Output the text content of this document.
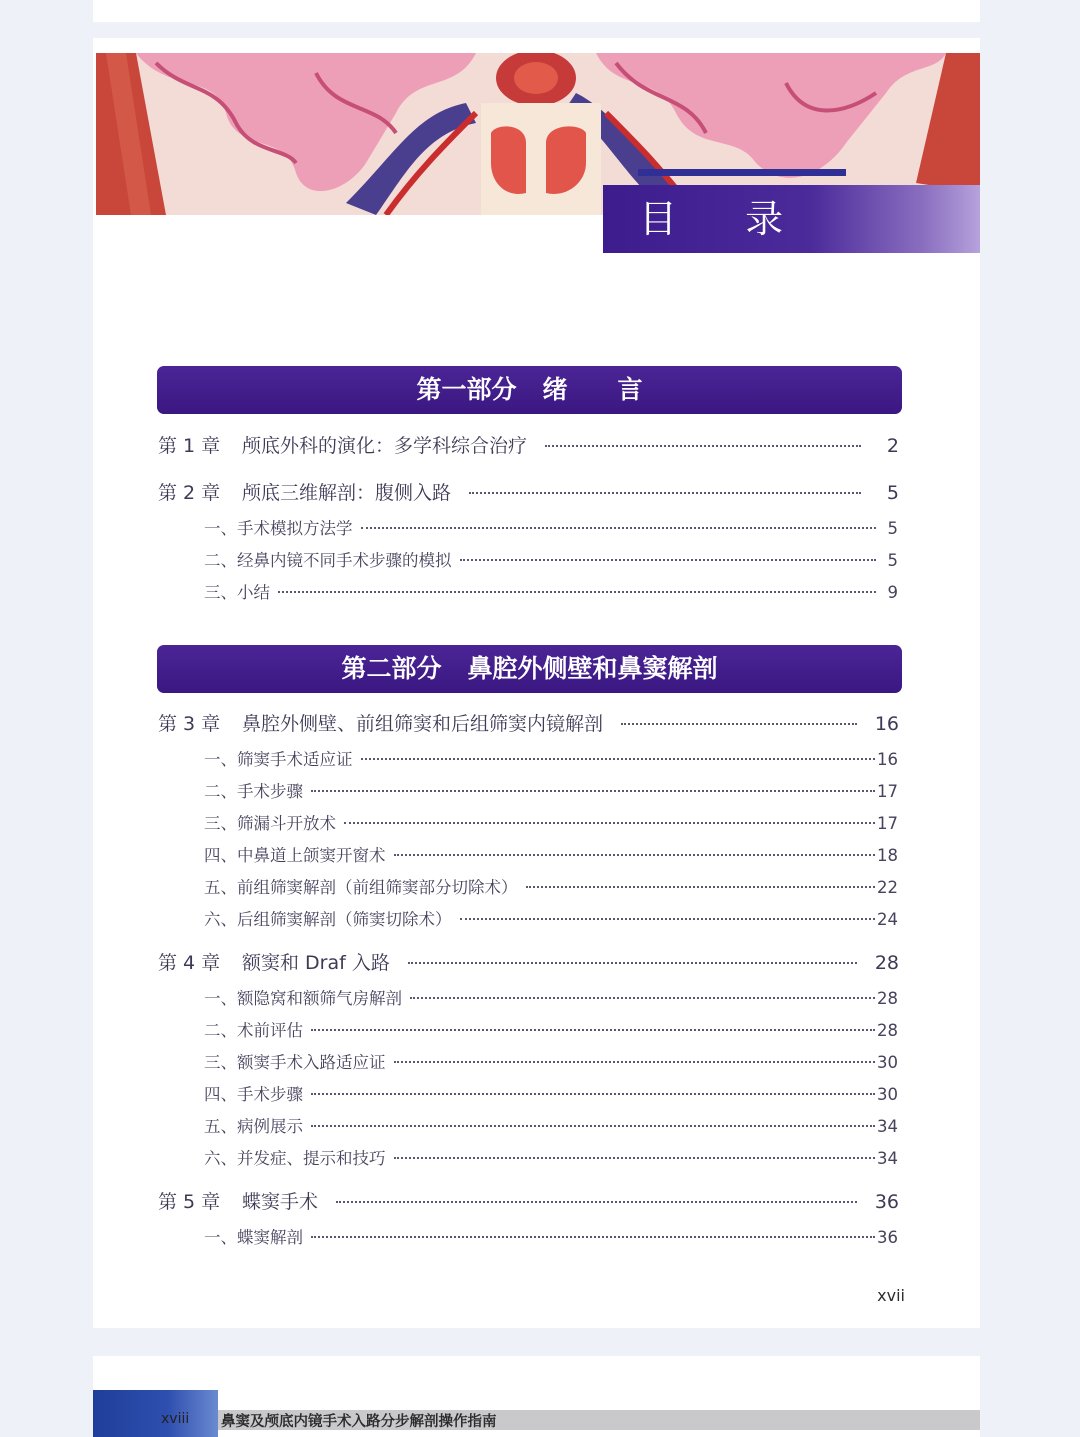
目 录
第一部分 绪　　言
第 1 章	颅底外科的演化：多学科综合治疗	2
第 2 章	颅底三维解剖：腹侧入路	5
一、手术模拟方法学	5
二、经鼻内镜不同手术步骤的模拟	5
三、小结	9
第二部分 鼻腔外侧壁和鼻窦解剖
第 3 章	鼻腔外侧壁、前组筛窦和后组筛窦内镜解剖	16
一、筛窦手术适应证	16
二、手术步骤	17
三、筛漏斗开放术	17
四、中鼻道上颌窦开窗术	18
五、前组筛窦解剖（前组筛窦部分切除术）	22
六、后组筛窦解剖（筛窦切除术）	24
第 4 章	额窦和 Draf 入路	28
一、额隐窝和额筛气房解剖	28
二、术前评估	28
三、额窦手术入路适应证	30
四、手术步骤	30
五、病例展示	34
六、并发症、提示和技巧	34
第 5 章	蝶窦手术	36
一、蝶窦解剖	36
xvii
xviii 鼻窦及颅底内镜手术入路分步解剖操作指南
